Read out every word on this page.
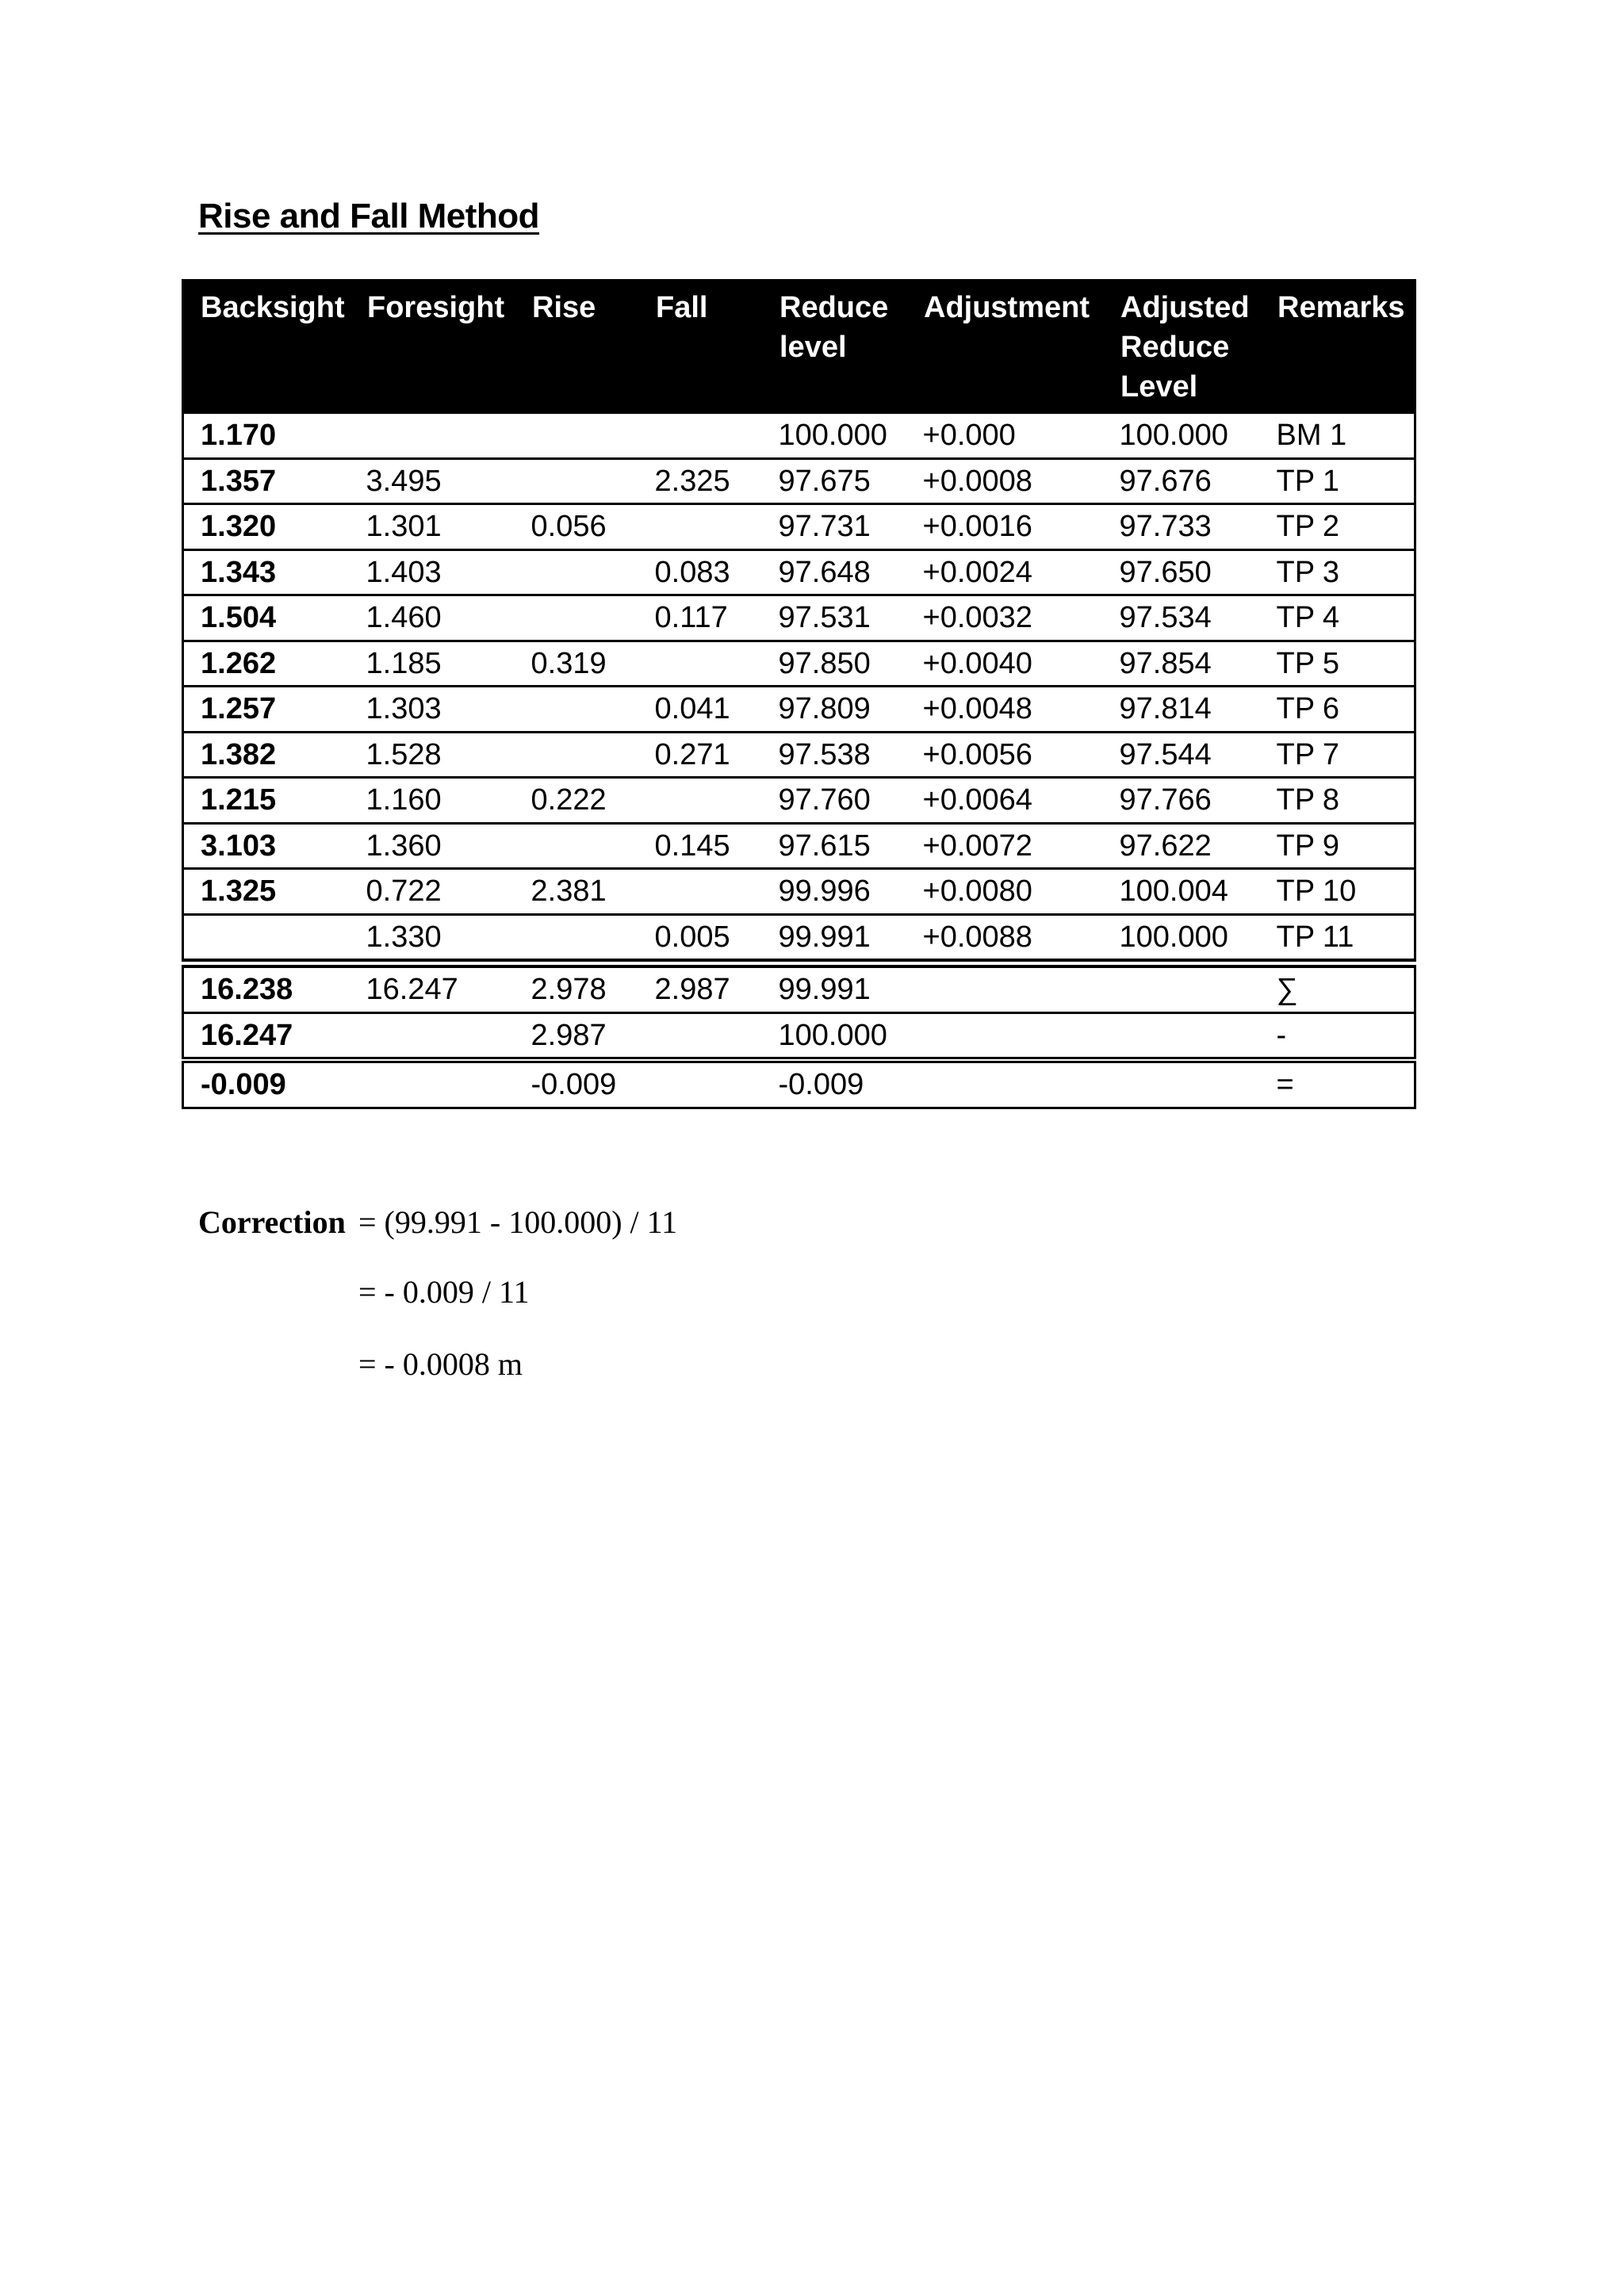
Rise and Fall Method
Backsight	Foresight	Rise	Fall	Reduce level	Adjustment	Adjusted Reduce Level	Remarks
1.170				100.000	+0.000	100.000	BM 1
1.357	3.495		2.325	97.675	+0.0008	97.676	TP 1
1.320	1.301	0.056		97.731	+0.0016	97.733	TP 2
1.343	1.403		0.083	97.648	+0.0024	97.650	TP 3
1.504	1.460		0.117	97.531	+0.0032	97.534	TP 4
1.262	1.185	0.319		97.850	+0.0040	97.854	TP 5
1.257	1.303		0.041	97.809	+0.0048	97.814	TP 6
1.382	1.528		0.271	97.538	+0.0056	97.544	TP 7
1.215	1.160	0.222		97.760	+0.0064	97.766	TP 8
3.103	1.360		0.145	97.615	+0.0072	97.622	TP 9
1.325	0.722	2.381		99.996	+0.0080	100.004	TP 10
	1.330		0.005	99.991	+0.0088	100.000	TP 11
16.238	16.247	2.978	2.987	99.991			∑
16.247		2.987		100.000			-
-0.009		-0.009		-0.009			=
Correction = (99.991 - 100.000) / 11
= - 0.009 / 11
= - 0.0008 m
